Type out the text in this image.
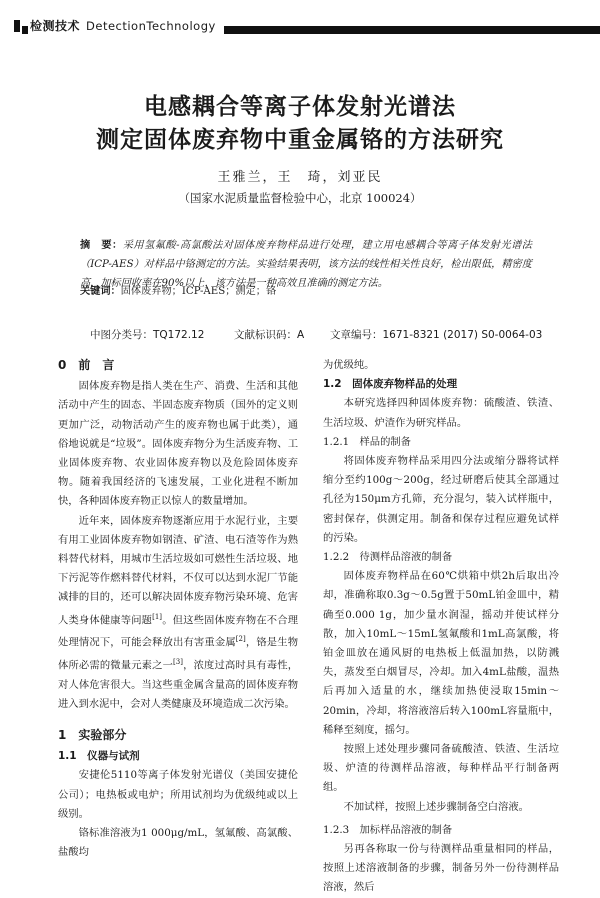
检测技术 DetectionTechnology
电感耦合等离子体发射光谱法
测定固体废弃物中重金属铬的方法研究
王雅兰，王　琦，刘亚民
（国家水泥质量监督检验中心，北京 100024）
摘　要：采用氢氟酸-高氯酸法对固体废弃物样品进行处理，建立用电感耦合等离子体发射光谱法（ICP-AES）对样品中铬测定的方法。实验结果表明，该方法的线性相关性良好，检出限低，精密度高，加标回收率在90%以上，该方法是一种高效且准确的测定方法。
关键词：固体废弃物；ICP-AES；测定；铬
中图分类号：TQ172.12	文献标识码：A 文章编号：1671-8321 (2017) S0-0064-03
0　前　言

固体废弃物是指人类在生产、消费、生活和其他活动中产生的固态、半固态废弃物质（国外的定义则更加广泛，动物活动产生的废弃物也属于此类），通俗地说就是“垃圾”。固体废弃物分为生活废弃物、工业固体废弃物、农业固体废弃物以及危险固体废弃物。随着我国经济的飞速发展，工业化进程不断加快，各种固体废弃物正以惊人的数量增加。

近年来，固体废弃物逐渐应用于水泥行业，主要有用工业固体废弃物如钢渣、矿渣、电石渣等作为熟料替代材料，用城市生活垃圾如可燃性生活垃圾、地下污泥等作燃料替代材料，不仅可以达到水泥厂节能减排的目的，还可以解决固体废弃物污染环境、危害人类身体健康等问题[1]。但这些固体废弃物在不合理处理情况下，可能会释放出有害重金属[2]，铬是生物体所必需的微量元素之一[3]，浓度过高时具有毒性，对人体危害很大。当这些重金属含量高的固体废弃物进入到水泥中，会对人类健康及环境造成二次污染。

1　实验部分
1.1　仪器与试剂

安捷伦5110等离子体发射光谱仪（美国安捷伦公司）；电热板或电炉；所用试剂均为优级纯或以上级别。

铬标准溶液为1 000μg/mL，氢氟酸、高氯酸、盐酸均

为优级纯。

1.2　固体废弃物样品的处理

本研究选择四种固体废弃物：硫酸渣、铁渣、生活垃圾、炉渣作为研究样品。

1.2.1　样品的制备

将固体废弃物样品采用四分法或缩分器将试样缩分至约100g～200g，经过研磨后使其全部通过孔径为150μm方孔筛，充分混匀，装入试样瓶中，密封保存，供测定用。制备和保存过程应避免试样的污染。

1.2.2　待测样品溶液的制备

固体废弃物样品在60℃烘箱中烘2h后取出冷却，准确称取0.3g～0.5g置于50mL铂金皿中，精确至0.000 1g，加少量水润湿，摇动并使试样分散，加入10mL～15mL氢氟酸和1mL高氯酸，将铂金皿放在通风厨的电热板上低温加热，以防溅失，蒸发至白烟冒尽，冷却。加入4mL盐酸，温热后再加入适量的水，继续加热使浸取15min～20min，冷却，将溶液溶后转入100mL容量瓶中，稀释至刻度，摇匀。

按照上述处理步骤同备硫酸渣、铁渣、生活垃圾、炉渣的待测样品溶液，每种样品平行制备两组。

不加试样，按照上述步骤制备空白溶液。

1.2.3　加标样品溶液的制备

另再各称取一份与待测样品重量相同的样品，按照上述溶液制备的步骤，制备另外一份待测样品溶液，然后
